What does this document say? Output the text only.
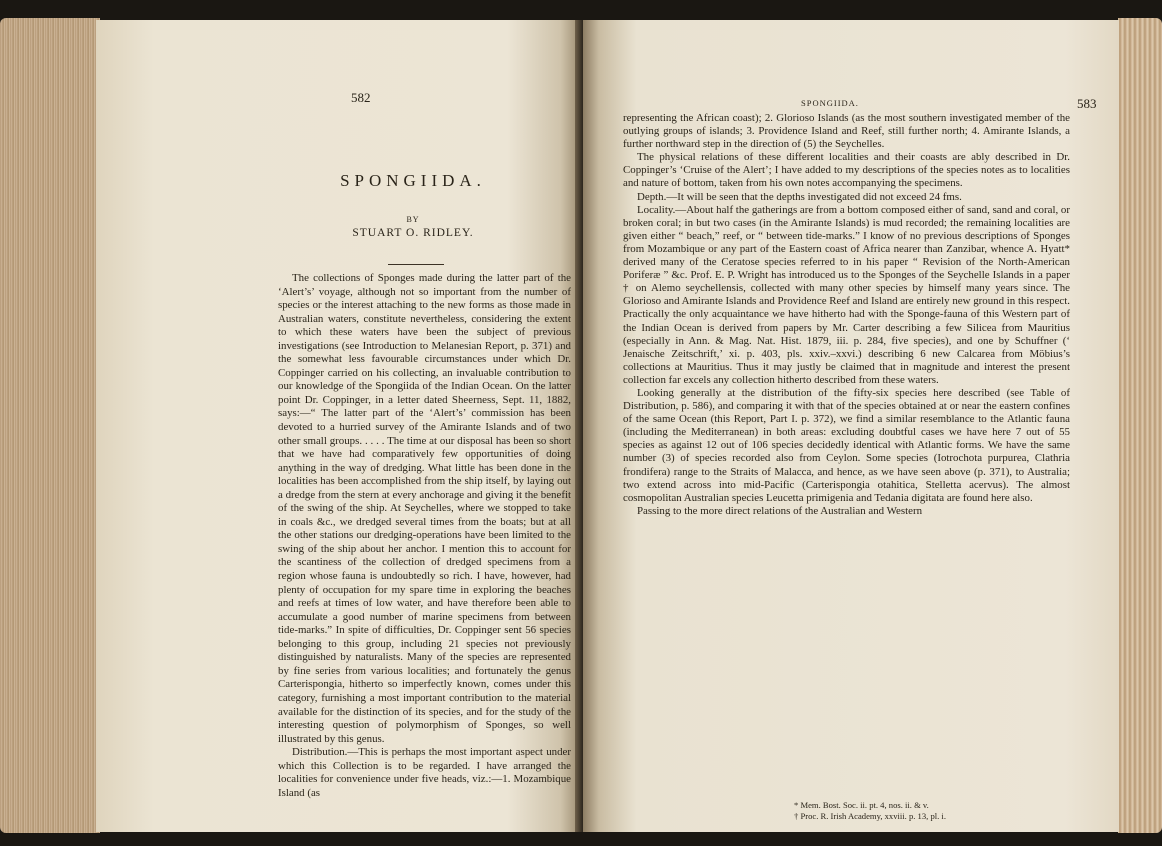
582
SPONGIIDA.
BY
STUART O. RIDLEY.
SPONGIIDA.	583

The collections of Sponges made during the latter part of the ‘Alert’s’ voyage, although not so important from the number of species or the interest attaching to the new forms as those made in Australian waters, constitute nevertheless, considering the extent to which these waters have been the subject of previous investigations (see Introduction to Melanesian Report, p. 371) and the somewhat less favourable circumstances under which Dr. Coppinger carried on his collecting, an invaluable contribution to our knowledge of the Spongiida of the Indian Ocean. On the latter point Dr. Coppinger, in a letter dated Sheerness, Sept. 11, 1882, says:—“ The latter part of the ‘Alert’s’ commission has been devoted to a hurried survey of the Amirante Islands and of two other small groups. . . . . The time at our disposal has been so short that we have had comparatively few opportunities of doing anything in the way of dredging. What little has been done in the localities has been accomplished from the ship itself, by laying out a dredge from the stern at every anchorage and giving it the benefit of the swing of the ship. At Seychelles, where we stopped to take in coals &c., we dredged several times from the boats; but at all the other stations our dredging-operations have been limited to the swing of the ship about her anchor. I mention this to account for the scantiness of the collection of dredged specimens from a region whose fauna is undoubtedly so rich. I have, however, had plenty of occupation for my spare time in exploring the beaches and reefs at times of low water, and have therefore been able to accumulate a good number of marine specimens from between tide-marks.” In spite of difficulties, Dr. Coppinger sent 56 species belonging to this group, including 21 species not previously distinguished by naturalists. Many of the species are represented by fine series from various localities; and fortunately the genus Carterispongia, hitherto so imperfectly known, comes under this category, furnishing a most important contribution to the material available for the distinction of its species, and for the study of the interesting question of polymorphism of Sponges, so well illustrated by this genus.

Distribution.—This is perhaps the most important aspect under which this Collection is to be regarded. I have arranged the localities for convenience under five heads, viz.:—1. Mozambique Island (as

representing the African coast); 2. Glorioso Islands (as the most southern investigated member of the outlying groups of islands; 3. Providence Island and Reef, still further north; 4. Amirante Islands, a further northward step in the direction of (5) the Seychelles.

The physical relations of these different localities and their coasts are ably described in Dr. Coppinger’s ‘Cruise of the Alert’; I have added to my descriptions of the species notes as to localities and nature of bottom, taken from his own notes accompanying the specimens.

Depth.—It will be seen that the depths investigated did not exceed 24 fms.

Locality.—About half the gatherings are from a bottom composed either of sand, sand and coral, or broken coral; in but two cases (in the Amirante Islands) is mud recorded; the remaining localities are given either “ beach,” reef, or “ between tide-marks.” I know of no previous descriptions of Sponges from Mozambique or any part of the Eastern coast of Africa nearer than Zanzibar, whence A. Hyatt* derived many of the Ceratose species referred to in his paper “ Revision of the North-American Poriferæ ” &c. Prof. E. P. Wright has introduced us to the Sponges of the Seychelle Islands in a paper † on Alemo seychellensis, collected with many other species by himself many years since. The Glorioso and Amirante Islands and Providence Reef and Island are entirely new ground in this respect. Practically the only acquaintance we have hitherto had with the Sponge-fauna of this Western part of the Indian Ocean is derived from papers by Mr. Carter describing a few Silicea from Mauritius (especially in Ann. & Mag. Nat. Hist. 1879, iii. p. 284, five species), and one by Schuffner (‘ Jenaische Zeitschrift,’ xi. p. 403, pls. xxiv.–xxvi.) describing 6 new Calcarea from Möbius’s collections at Mauritius. Thus it may justly be claimed that in magnitude and interest the present collection far excels any collection hitherto described from these waters.

Looking generally at the distribution of the fifty-six species here described (see Table of Distribution, p. 586), and comparing it with that of the species obtained at or near the eastern confines of the same Ocean (this Report, Part I. p. 372), we find a similar resemblance to the Atlantic fauna (including the Mediterranean) in both areas: excluding doubtful cases we have here 7 out of 55 species as against 12 out of 106 species decidedly identical with Atlantic forms. We have the same number (3) of species recorded also from Ceylon. Some species (Iotrochota purpurea, Clathria frondifera) range to the Straits of Malacca, and hence, as we have seen above (p. 371), to Australia; two extend across into mid-Pacific (Carterispongia otahitica, Stelletta acervus). The almost cosmopolitan Australian species Leucetta primigenia and Tedania digitata are found here also.

Passing to the more direct relations of the Australian and Western

* Mem. Bost. Soc. ii. pt. 4, nos. ii. & v.
† Proc. R. Irish Academy, xxviii. p. 13, pl. i.
